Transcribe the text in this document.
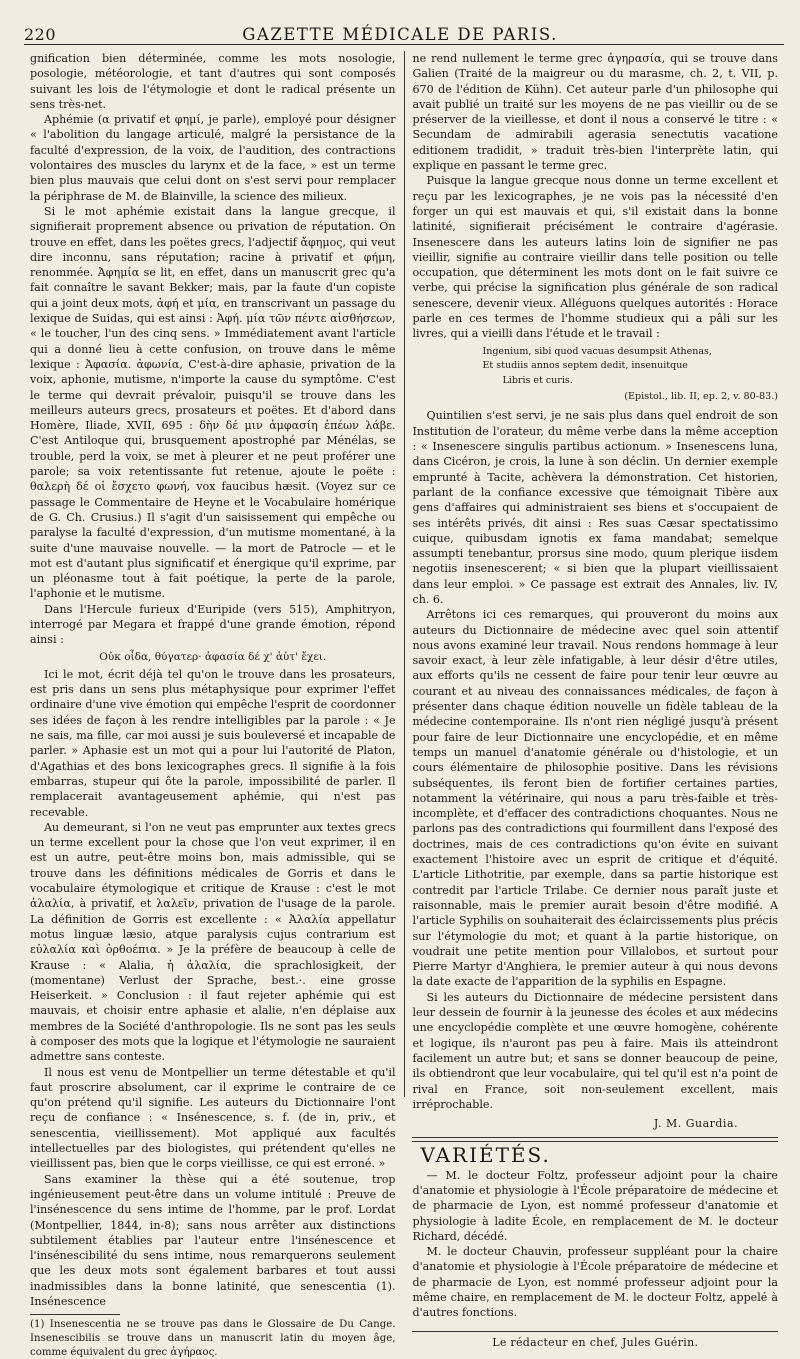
220	GAZETTE MÉDICALE DE PARIS.

gnification bien déterminée, comme les mots nosologie, posologie, météorologie, et tant d'autres qui sont composés suivant les lois de l'étymologie et dont le radical présente un sens très-net.

Aphémie (α privatif et φημί, je parle), employé pour désigner « l'abolition du langage articulé, malgré la persistance de la faculté d'expression, de la voix, de l'audition, des contractions volontaires des muscles du larynx et de la face, » est un terme bien plus mauvais que celui dont on s'est servi pour remplacer la périphrase de M. de Blainville, la science des milieux.

Si le mot aphémie existait dans la langue grecque, il signifierait proprement absence ou privation de réputation. On trouve en effet, dans les poëtes grecs, l'adjectif ἄφημος, qui veut dire inconnu, sans réputation; racine à privatif et φήμη, renommée. Ἀφημία se lit, en effet, dans un manuscrit grec qu'a fait connaître le savant Bekker; mais, par la faute d'un copiste qui a joint deux mots, ἀφή et μία, en transcrivant un passage du lexique de Suidas, qui est ainsi : Ἀφή. μία τῶν πέντε αἰσθήσεων, « le toucher, l'un des cinq sens. » Immédiatement avant l'article qui a donné lieu à cette confusion, on trouve dans le même lexique : Ἀφασία. ἀφωνία, C'est-à-dire aphasie, privation de la voix, aphonie, mutisme, n'importe la cause du symptôme. C'est le terme qui devrait prévaloir, puisqu'il se trouve dans les meilleurs auteurs grecs, prosateurs et poëtes. Et d'abord dans Homère, Iliade, XVII, 695 : δὴν δέ μιν ἀμφασίη ἐπέων λάβε. C'est Antiloque qui, brusquement apostrophé par Ménélas, se trouble, perd la voix, se met à pleurer et ne peut proférer une parole; sa voix retentissante fut retenue, ajoute le poëte : θαλερὴ δέ οἱ ἔσχετο φωνή, vox faucibus hæsit. (Voyez sur ce passage le Commentaire de Heyne et le Vocabulaire homérique de G. Ch. Crusius.) Il s'agit d'un saisissement qui empêche ou paralyse la faculté d'expression, d'un mutisme momentané, à la suite d'une mauvaise nouvelle. — la mort de Patrocle — et le mot est d'autant plus significatif et énergique qu'il exprime, par un pléonasme tout à fait poétique, la perte de la parole, l'aphonie et le mutisme.

Dans l'Hercule furieux d'Euripide (vers 515), Amphitryon, interrogé par Megara et frappé d'une grande émotion, répond ainsi :

Οὐκ οἶδα, θύγατερ· ἀφασία δέ χ' ἁὑτ' ἔχει.

Ici le mot, écrit déjà tel qu'on le trouve dans les prosateurs, est pris dans un sens plus métaphysique pour exprimer l'effet ordinaire d'une vive émotion qui empêche l'esprit de coordonner ses idées de façon à les rendre intelligibles par la parole : « Je ne sais, ma fille, car moi aussi je suis bouleversé et incapable de parler. » Aphasie est un mot qui a pour lui l'autorité de Platon, d'Agathias et des bons lexicographes grecs. Il signifie à la fois embarras, stupeur qui ôte la parole, impossibilité de parler. Il remplacerait avantageusement aphémie, qui n'est pas recevable.

Au demeurant, si l'on ne veut pas emprunter aux textes grecs un terme excellent pour la chose que l'on veut exprimer, il en est un autre, peut-être moins bon, mais admissible, qui se trouve dans les définitions médicales de Gorris et dans le vocabulaire étymologique et critique de Krause : c'est le mot ἀλαλία, à privatif, et λαλεῖν, privation de l'usage de la parole. La définition de Gorris est excellente : « Ἀλαλία appellatur motus linguæ læsio, atque paralysis cujus contrarium est εὐλαλία καὶ ὀρθοέπια. » Je la préfère de beaucoup à celle de Krause : « Alalia, ἡ ἀλαλία, die sprachlosigkeit, der (momentane) Verlust der Sprache, best.·. eine grosse Heiserkeit. » Conclusion : il faut rejeter aphémie qui est mauvais, et choisir entre aphasie et alalie, n'en déplaise aux membres de la Société d'anthropologie. Ils ne sont pas les seuls à composer des mots que la logique et l'étymologie ne sauraient admettre sans conteste.

Il nous est venu de Montpellier un terme détestable et qu'il faut proscrire absolument, car il exprime le contraire de ce qu'on prétend qu'il signifie. Les auteurs du Dictionnaire l'ont reçu de confiance : « Insénescence, s. f. (de in, priv., et senescentia, vieillissement). Mot appliqué aux facultés intellectuelles par des biologistes, qui prétendent qu'elles ne vieillissent pas, bien que le corps vieillisse, ce qui est erroné. »

Sans examiner la thèse qui a été soutenue, trop ingénieusement peut-être dans un volume intitulé : Preuve de l'insénescence du sens intime de l'homme, par le prof. Lordat (Montpellier, 1844, in-8); sans nous arrêter aux distinctions subtilement établies par l'auteur entre l'insénescence et l'insénescibilité du sens intime, nous remarquerons seulement que les deux mots sont également barbares et tout aussi inadmissibles dans la bonne latinité, que senescentia (1). Insénescence

(1) Insenescentia ne se trouve pas dans le Glossaire de Du Cange. Insenescibilis se trouve dans un manuscrit latin du moyen âge, comme équivalent du grec ἀγήραος.

ne rend nullement le terme grec ἀγηρασία, qui se trouve dans Galien (Traité de la maigreur ou du marasme, ch. 2, t. VII, p. 670 de l'édition de Kühn). Cet auteur parle d'un philosophe qui avait publié un traité sur les moyens de ne pas vieillir ou de se préserver de la vieillesse, et dont il nous a conservé le titre : « Secundam de admirabili agerasia senectutis vacatione editionem tradidit, » traduit très-bien l'interprète latin, qui explique en passant le terme grec.

Puisque la langue grecque nous donne un terme excellent et reçu par les lexicographes, je ne vois pas la nécessité d'en forger un qui est mauvais et qui, s'il existait dans la bonne latinité, signifierait précisément le contraire d'agérasie. Insenescere dans les auteurs latins loin de signifier ne pas vieillir, signifie au contraire vieillir dans telle position ou telle occupation, que déterminent les mots dont on le fait suivre ce verbe, qui précise la signification plus générale de son radical senescere, devenir vieux. Alléguons quelques autorités : Horace parle en ces termes de l'homme studieux qui a pâli sur les livres, qui a vieilli dans l'étude et le travail :

Ingenium, sibi quod vacuas desumpsit Athenas,

Et studiis annos septem dedit, insenuitque

Libris et curis.

(Epistol., lib. II, ep. 2, v. 80-83.)

Quintilien s'est servi, je ne sais plus dans quel endroit de son Institution de l'orateur, du même verbe dans la même acception : « Insenescere singulis partibus actionum. » Insenescens luna, dans Cicéron, je crois, la lune à son déclin. Un dernier exemple emprunté à Tacite, achèvera la démonstration. Cet historien, parlant de la confiance excessive que témoignait Tibère aux gens d'affaires qui administraient ses biens et s'occupaient de ses intérêts privés, dit ainsi : Res suas Cæsar spectatissimo cuique, quibusdam ignotis ex fama mandabat; semelque assumpti tenebantur, prorsus sine modo, quum plerique iisdem negotiis insenescerent; « si bien que la plupart vieillissaient dans leur emploi. » Ce passage est extrait des Annales, liv. IV, ch. 6.

Arrêtons ici ces remarques, qui prouveront du moins aux auteurs du Dictionnaire de médecine avec quel soin attentif nous avons examiné leur travail. Nous rendons hommage à leur savoir exact, à leur zèle infatigable, à leur désir d'être utiles, aux efforts qu'ils ne cessent de faire pour tenir leur œuvre au courant et au niveau des connaissances médicales, de façon à présenter dans chaque édition nouvelle un fidèle tableau de la médecine contemporaine. Ils n'ont rien négligé jusqu'à présent pour faire de leur Dictionnaire une encyclopédie, et en même temps un manuel d'anatomie générale ou d'histologie, et un cours élémentaire de philosophie positive. Dans les révisions subséquentes, ils feront bien de fortifier certaines parties, notamment la vétérinaire, qui nous a paru très-faible et très-incomplète, et d'effacer des contradictions choquantes. Nous ne parlons pas des contradictions qui fourmillent dans l'exposé des doctrines, mais de ces contradictions qu'on évite en suivant exactement l'histoire avec un esprit de critique et d'équité. L'article Lithotritie, par exemple, dans sa partie historique est contredit par l'article Trilabe. Ce dernier nous paraît juste et raisonnable, mais le premier aurait besoin d'être modifié. A l'article Syphilis on souhaiterait des éclaircissements plus précis sur l'étymologie du mot; et quant à la partie historique, on voudrait une petite mention pour Villalobos, et surtout pour Pierre Martyr d'Anghiera, le premier auteur à qui nous devons la date exacte de l'apparition de la syphilis en Espagne.

Si les auteurs du Dictionnaire de médecine persistent dans leur dessein de fournir à la jeunesse des écoles et aux médecins une encyclopédie complète et une œuvre homogène, cohérente et logique, ils n'auront pas peu à faire. Mais ils atteindront facilement un autre but; et sans se donner beaucoup de peine, ils obtiendront que leur vocabulaire, qui tel qu'il est n'a point de rival en France, soit non-seulement excellent, mais irréprochable.

J. M. Guardia.

VARIÉTÉS.

— M. le docteur Foltz, professeur adjoint pour la chaire d'anatomie et physiologie à l'École préparatoire de médecine et de pharmacie de Lyon, est nommé professeur d'anatomie et physiologie à ladite École, en remplacement de M. le docteur Richard, décédé.

M. le docteur Chauvin, professeur suppléant pour la chaire d'anatomie et physiologie à l'École préparatoire de médecine et de pharmacie de Lyon, est nommé professeur adjoint pour la même chaire, en remplacement de M. le docteur Foltz, appelé à d'autres fonctions.

Le rédacteur en chef, Jules Guérin.
